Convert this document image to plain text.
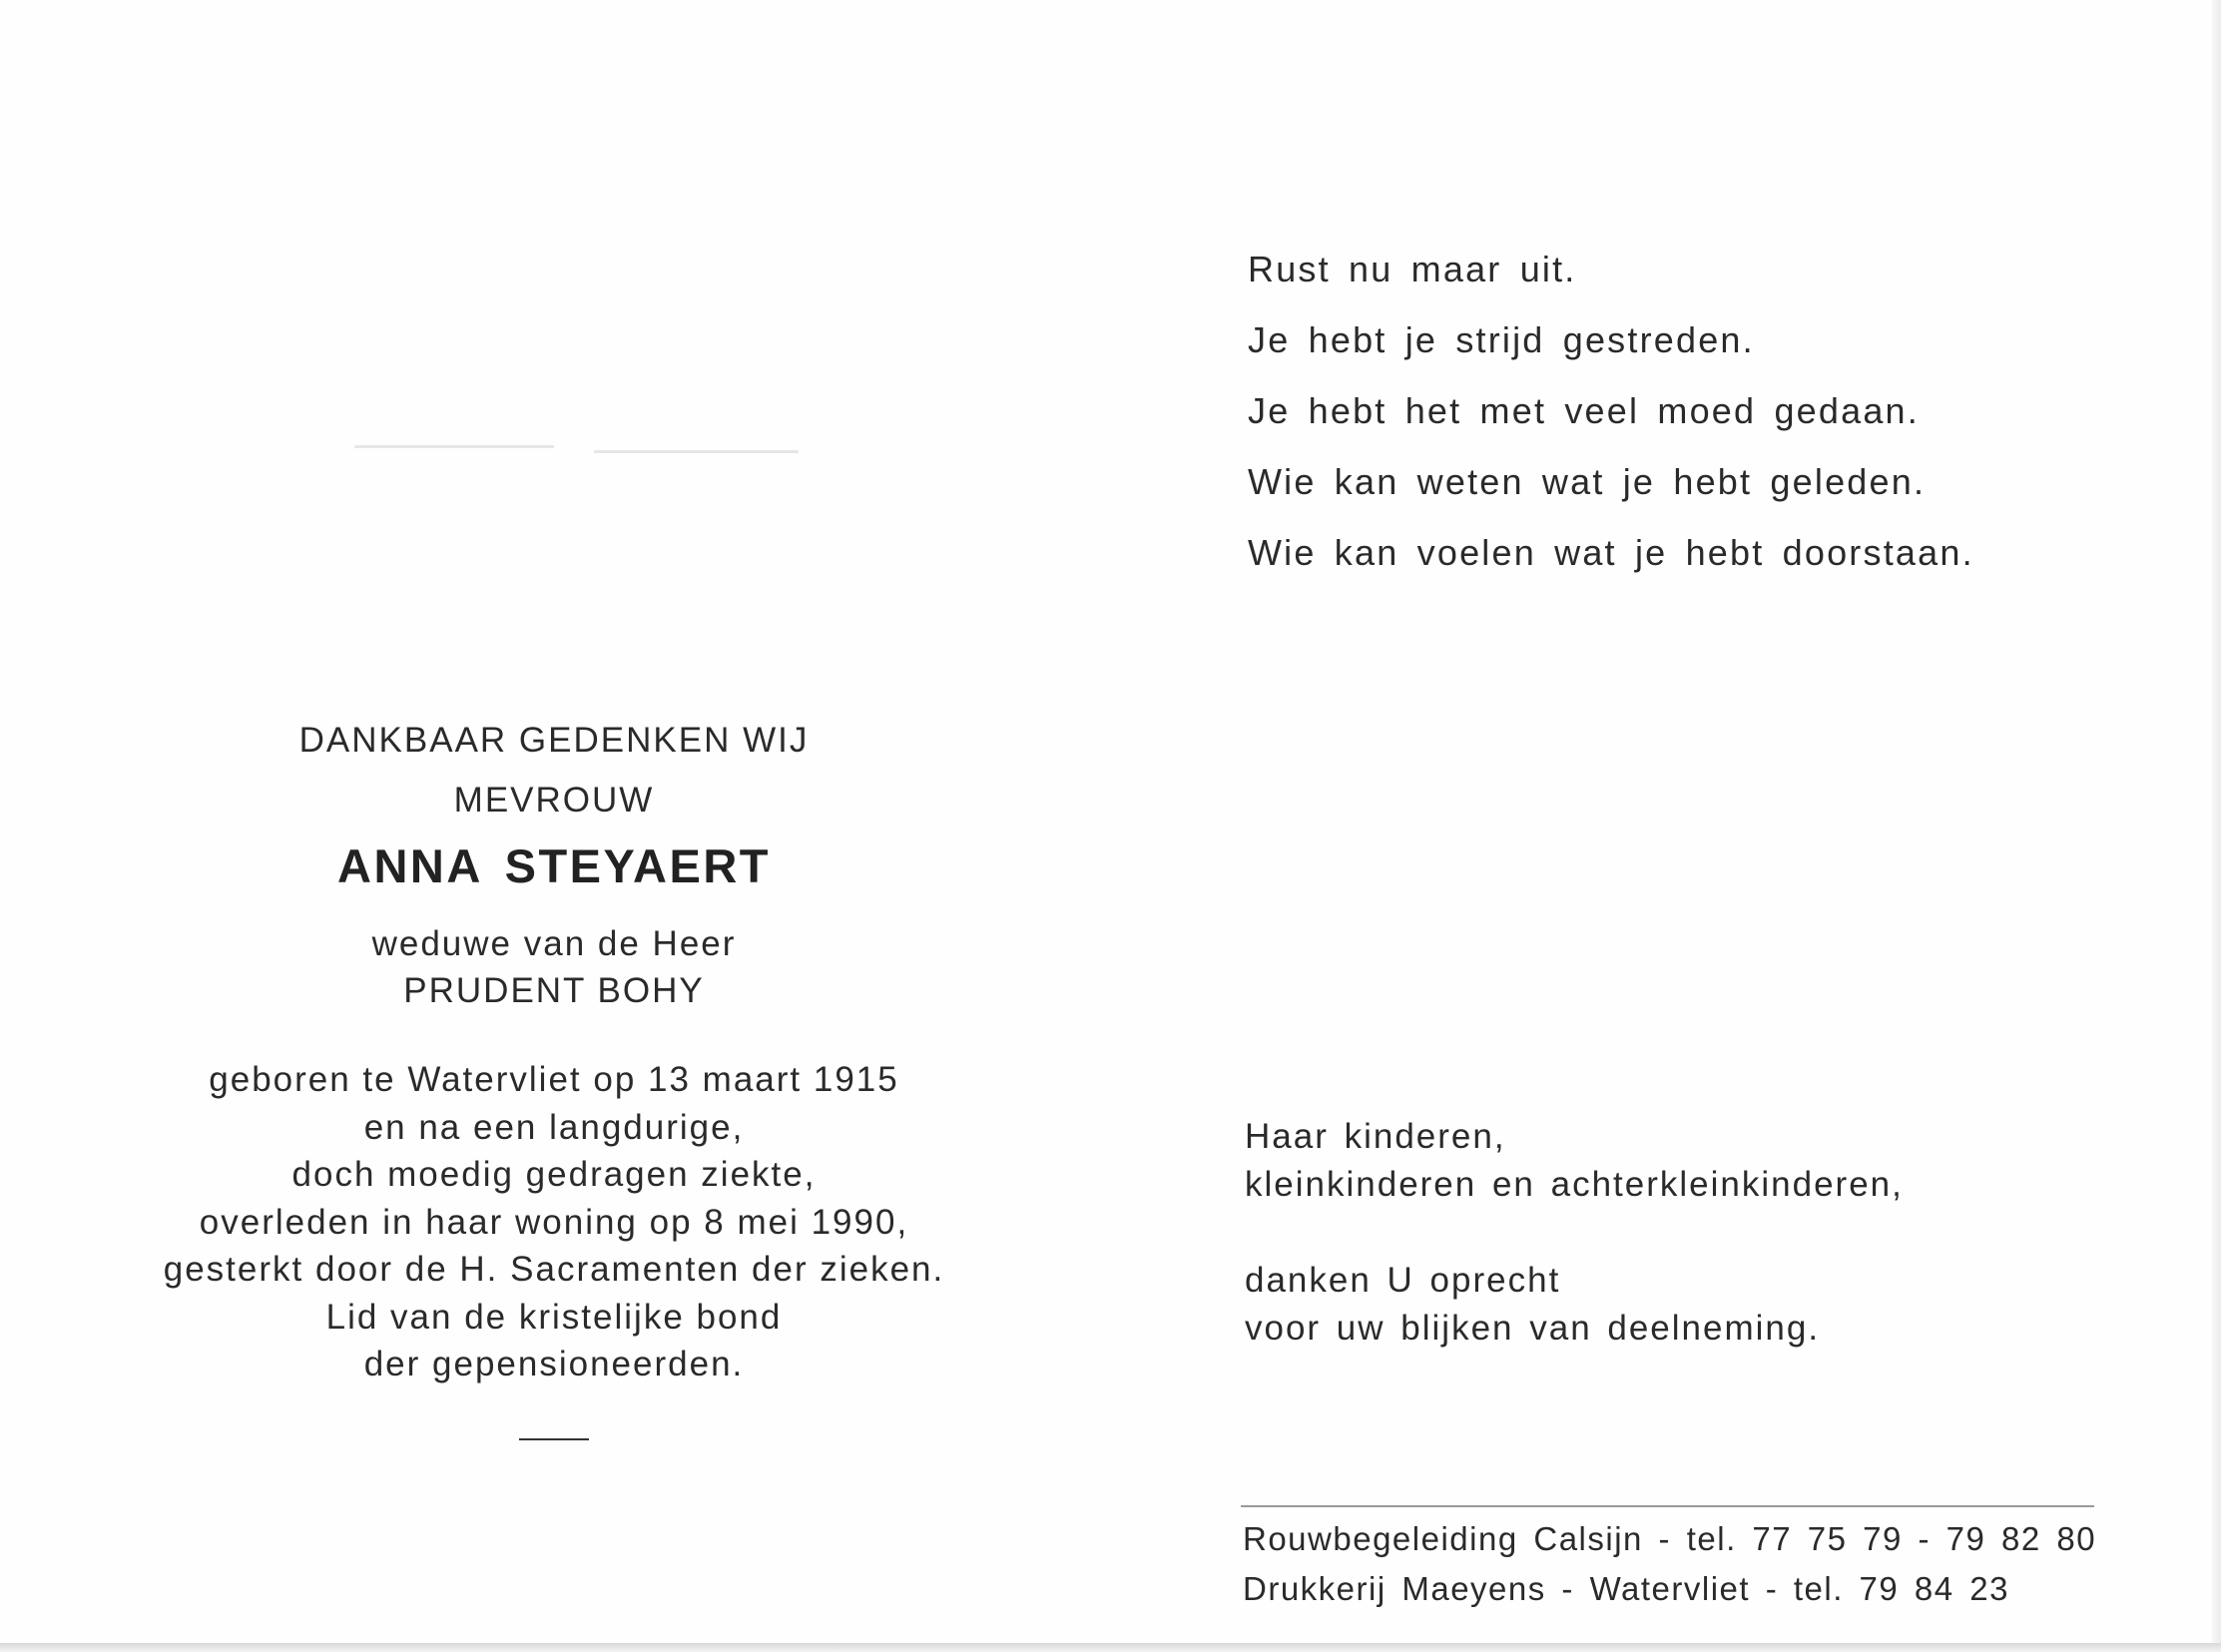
Rust nu maar uit.
Je hebt je strijd gestreden.
Je hebt het met veel moed gedaan.
Wie kan weten wat je hebt geleden.
Wie kan voelen wat je hebt doorstaan.
DANKBAAR GEDENKEN WIJ
MEVROUW
ANNA STEYAERT
weduwe van de Heer
PRUDENT BOHY
geboren te Watervliet op 13 maart 1915
en na een langdurige,
doch moedig gedragen ziekte,
overleden in haar woning op 8 mei 1990,
gesterkt door de H. Sacramenten der zieken.
Lid van de kristelijke bond
der gepensioneerden.
Haar kinderen,
kleinkinderen en achterkleinkinderen,
danken U oprecht
voor uw blijken van deelneming.
Rouwbegeleiding Calsijn - tel. 77 75 79 - 79 82 80
Drukkerij Maeyens - Watervliet - tel. 79 84 23
